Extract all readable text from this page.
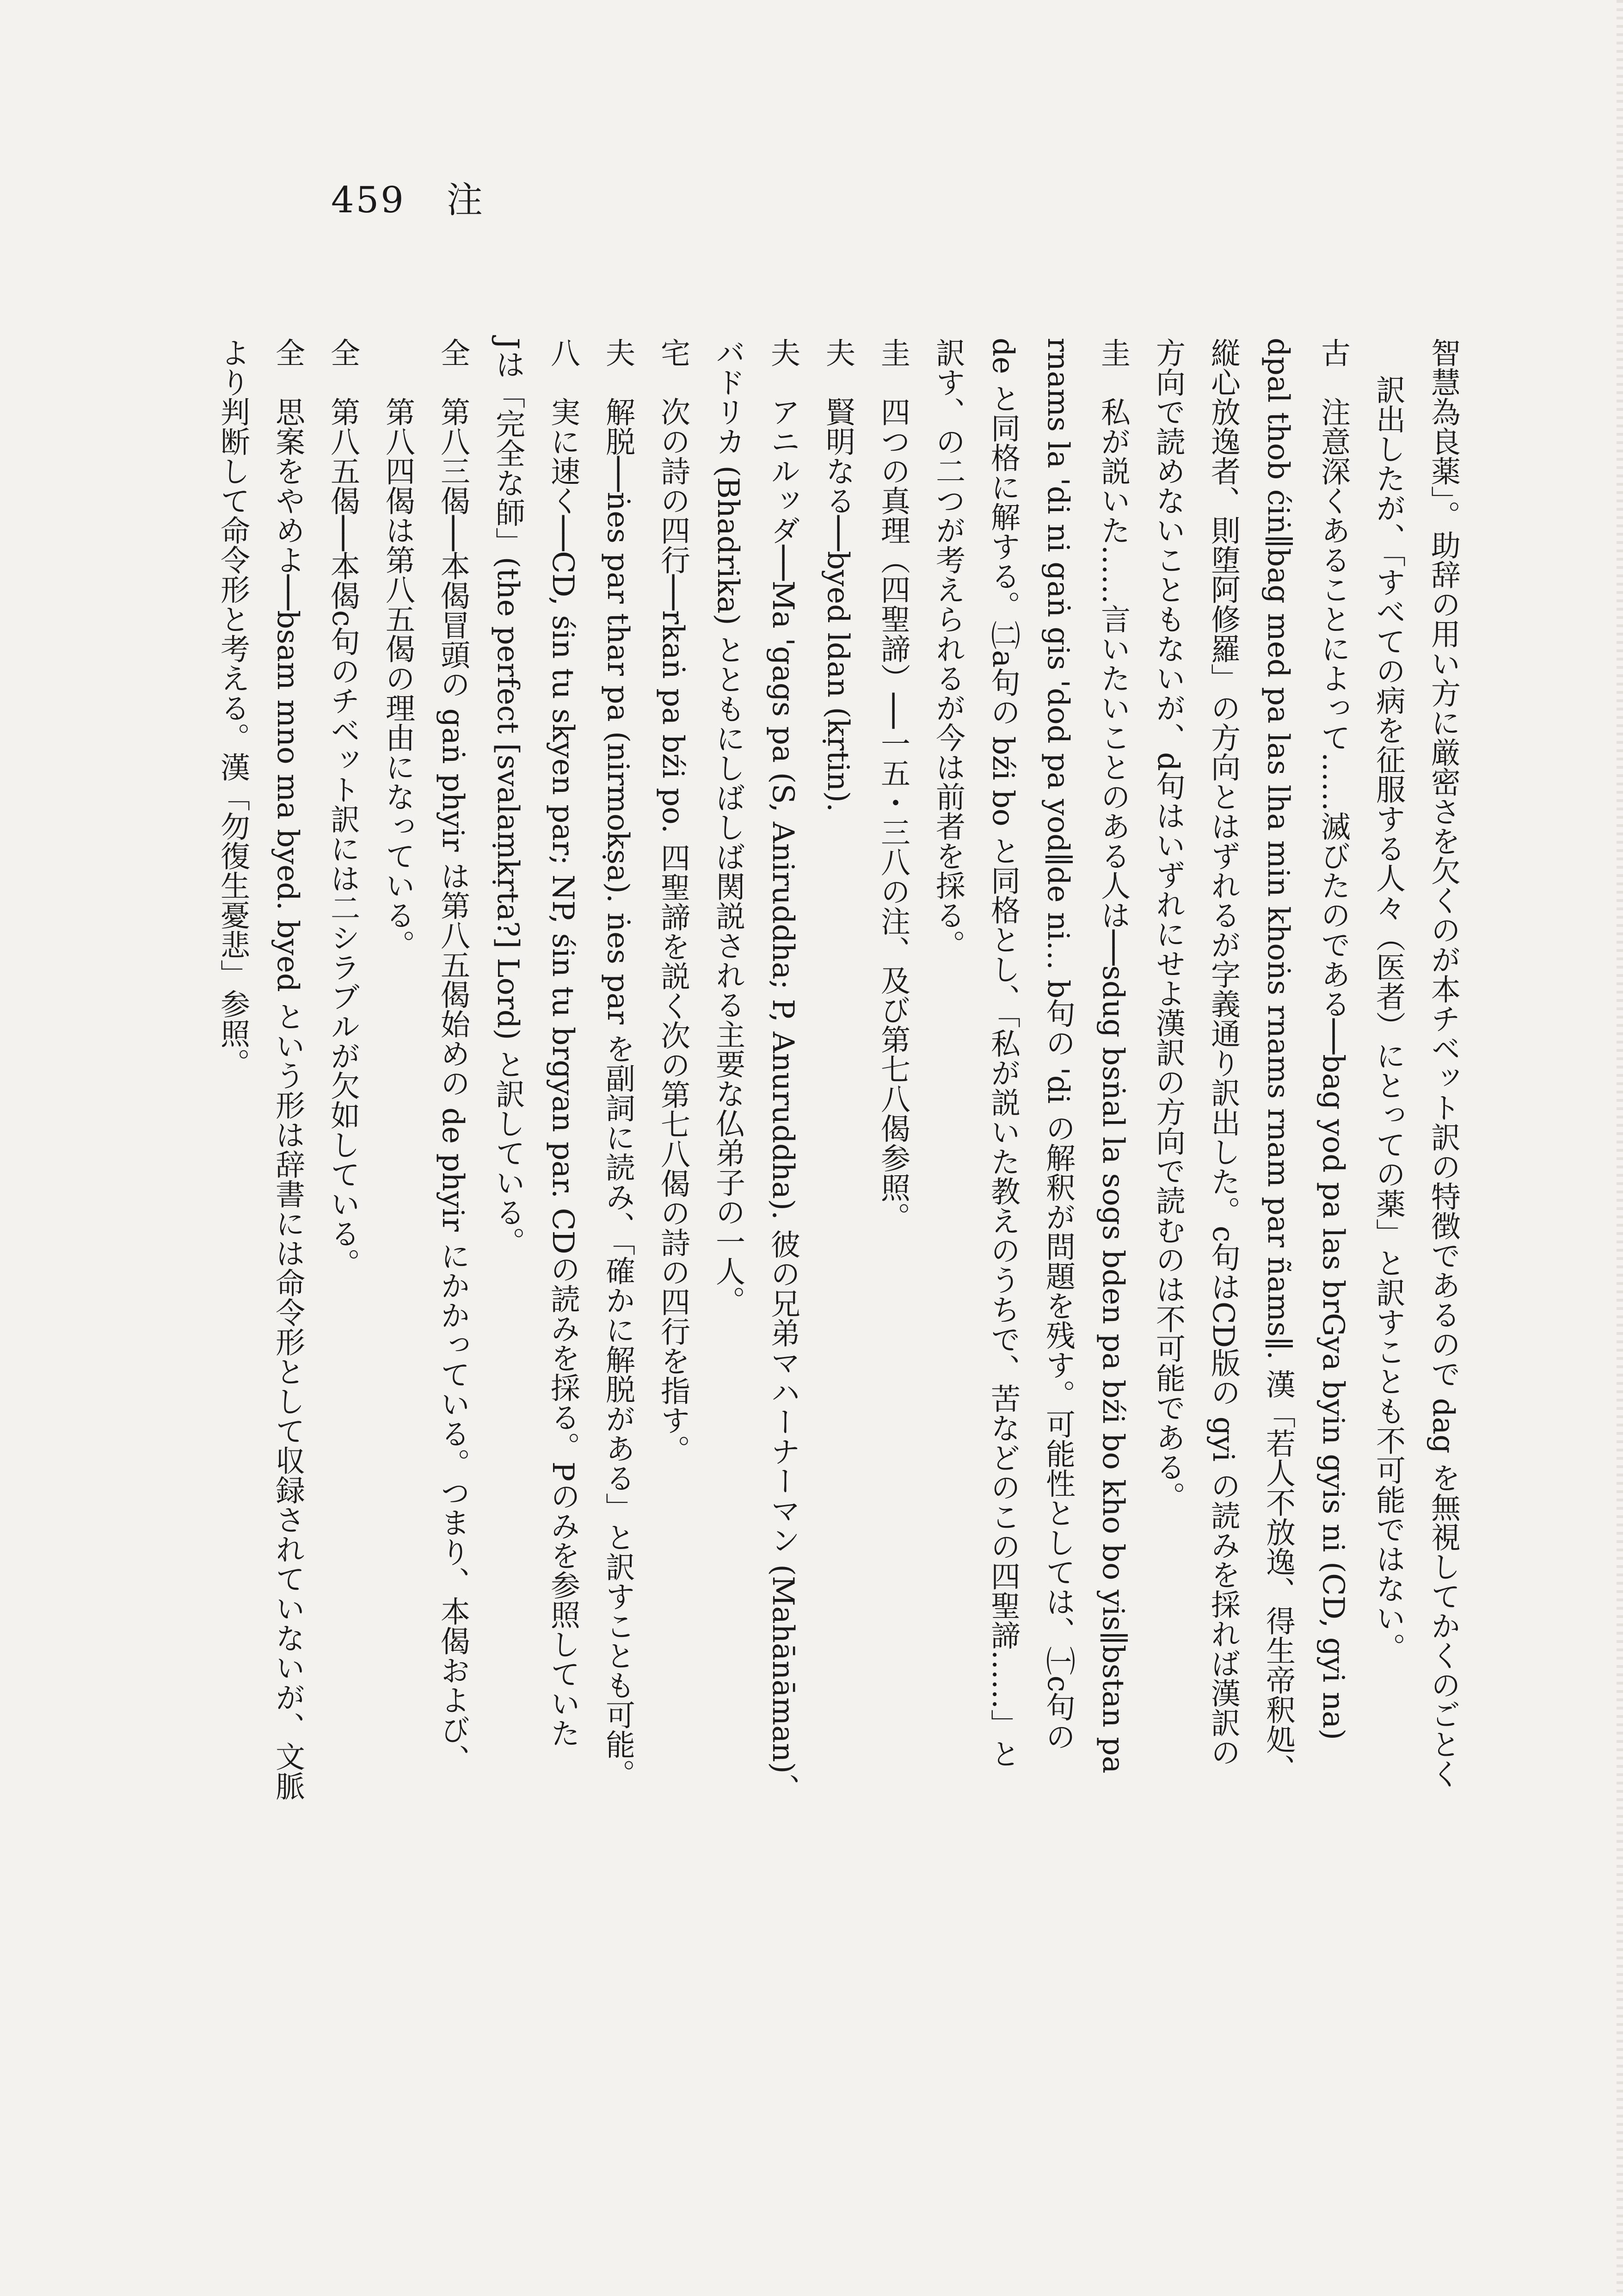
459 注
智慧為良薬」。助辞の用い方に厳密さを欠くのが本チベット訳の特徴であるので dag を無視してかくのごとく
訳出したが、「すべての病を征服する人々（医者）にとっての薬」と訳すことも不可能ではない。
古　注意深くあることによって……滅びたのである──bag yod pa las brGya byin gyis ni (CD, gyi na)
dpal thob ćiṅ∥bag med pa las lha min khoṅs rnams rnam par ñams∥. 漢「若人不放逸、得生帝釈処、
縦心放逸者、則堕阿修羅」の方向とはずれるが字義通り訳出した。c句はCD版の gyi の読みを採れば漢訳の
方向で読めないこともないが、d句はいずれにせよ漢訳の方向で読むのは不可能である。
圭　私が説いた……言いたいことのある人は──sdug bsṅal la sogs bden pa bźi bo kho bo yis∥bstan pa
rnams la 'di ni gaṅ gis 'dod pa yod∥de ni… b句の 'di の解釈が問題を残す。可能性としては、㈠c句の
de と同格に解する。㈡a句の bźi bo と同格とし、「私が説いた教えのうちで、苦などのこの四聖諦……」と
訳す、の二つが考えられるが今は前者を採る。
圭　四つの真理（四聖諦）──一五・三八の注、及び第七八偈参照。
夫　賢明なる──byed ldan (kṛtin).
夫　アニルッダ──Ma 'gags pa (S, Aniruddha; P, Anuruddha). 彼の兄弟マハーナーマン (Mahānāman)、
バドリカ (Bhadrika) とともにしばしば関説される主要な仏弟子の一人。
宅　次の詩の四行──rkaṅ pa bźi po. 四聖諦を説く次の第七八偈の詩の四行を指す。
夫　解脱──ṅes par thar pa (nirmokṣa). ṅes par を副詞に読み、「確かに解脱がある」と訳すことも可能。
八　実に速く──CD, śin tu skyen par; NP, śin tu brgyan par. CDの読みを採る。Pのみを参照していた
Jは「完全な師」(the perfect [svalaṃkṛta?] Lord) と訳している。
全　第八三偈──本偈冒頭の gaṅ phyir は第八五偈始めの de phyir にかかっている。つまり、本偈および、
第八四偈は第八五偈の理由になっている。
全　第八五偈──本偈c句のチベット訳には二シラブルが欠如している。
全　思案をやめよ──bsam mno ma byed. byed という形は辞書には命令形として収録されていないが、文脈
より判断して命令形と考える。漢「勿復生憂悲」参照。
